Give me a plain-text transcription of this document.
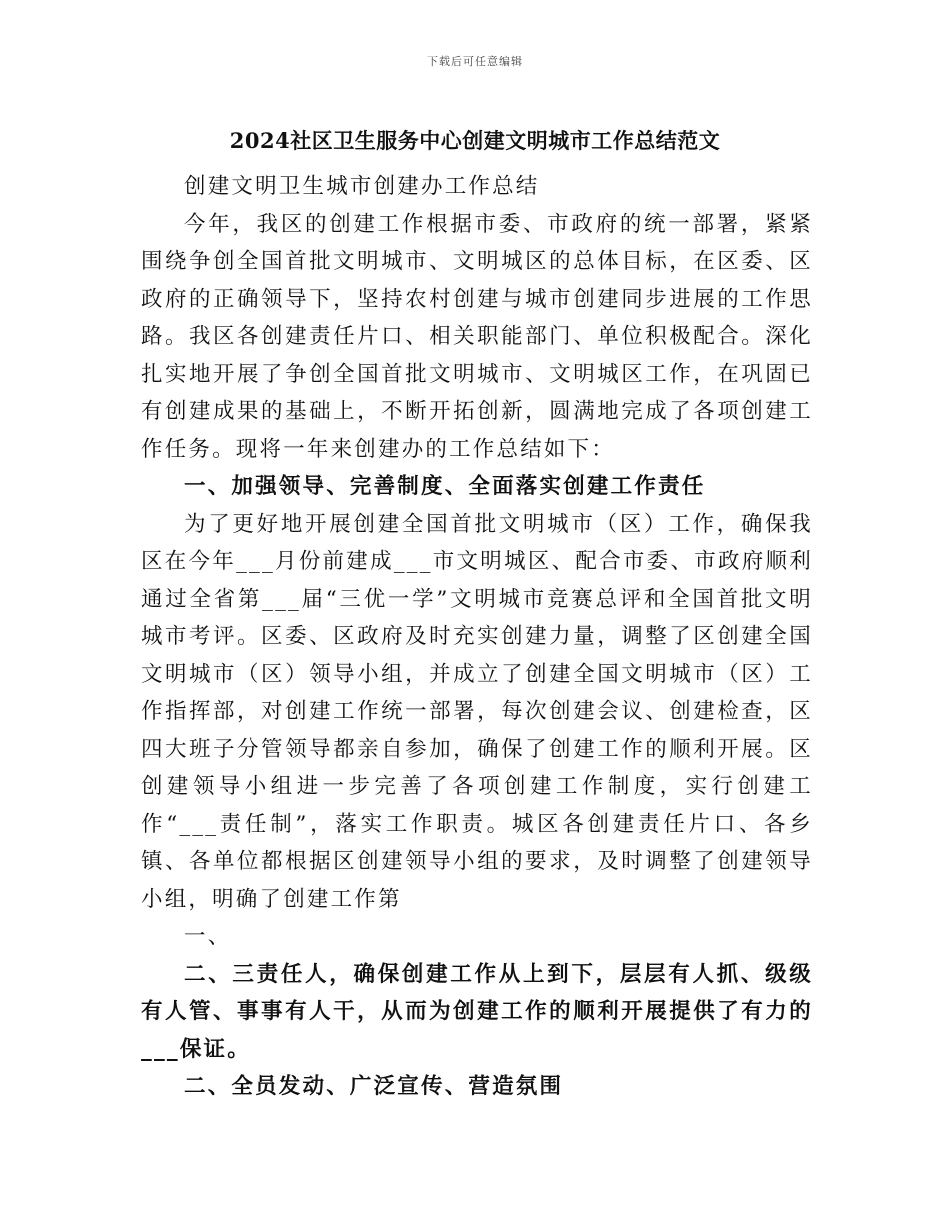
下载后可任意编辑
2024社区卫生服务中心创建文明城市工作总结范文

创建文明卫生城市创建办工作总结

今年，我区的创建工作根据市委、市政府的统一部署，紧紧围绕争创全国首批文明城市、文明城区的总体目标，在区委、区政府的正确领导下，坚持农村创建与城市创建同步进展的工作思路。我区各创建责任片口、相关职能部门、单位积极配合。深化扎实地开展了争创全国首批文明城市、文明城区工作，在巩固已有创建成果的基础上，不断开拓创新，圆满地完成了各项创建工作任务。现将一年来创建办的工作总结如下：

一、加强领导、完善制度、全面落实创建工作责任

为了更好地开展创建全国首批文明城市（区）工作，确保我区在今年___月份前建成___市文明城区、配合市委、市政府顺利通过全省第___届“三优一学”文明城市竞赛总评和全国首批文明城市考评。区委、区政府及时充实创建力量，调整了区创建全国文明城市（区）领导小组，并成立了创建全国文明城市（区）工作指挥部，对创建工作统一部署，每次创建会议、创建检查，区四大班子分管领导都亲自参加，确保了创建工作的顺利开展。区创建领导小组进一步完善了各项创建工作制度，实行创建工作“___责任制”，落实工作职责。城区各创建责任片口、各乡镇、各单位都根据区创建领导小组的要求，及时调整了创建领导小组，明确了创建工作第

一、

二、三责任人，确保创建工作从上到下，层层有人抓、级级有人管、事事有人干，从而为创建工作的顺利开展提供了有力的___保证。

二、全员发动、广泛宣传、营造氛围
